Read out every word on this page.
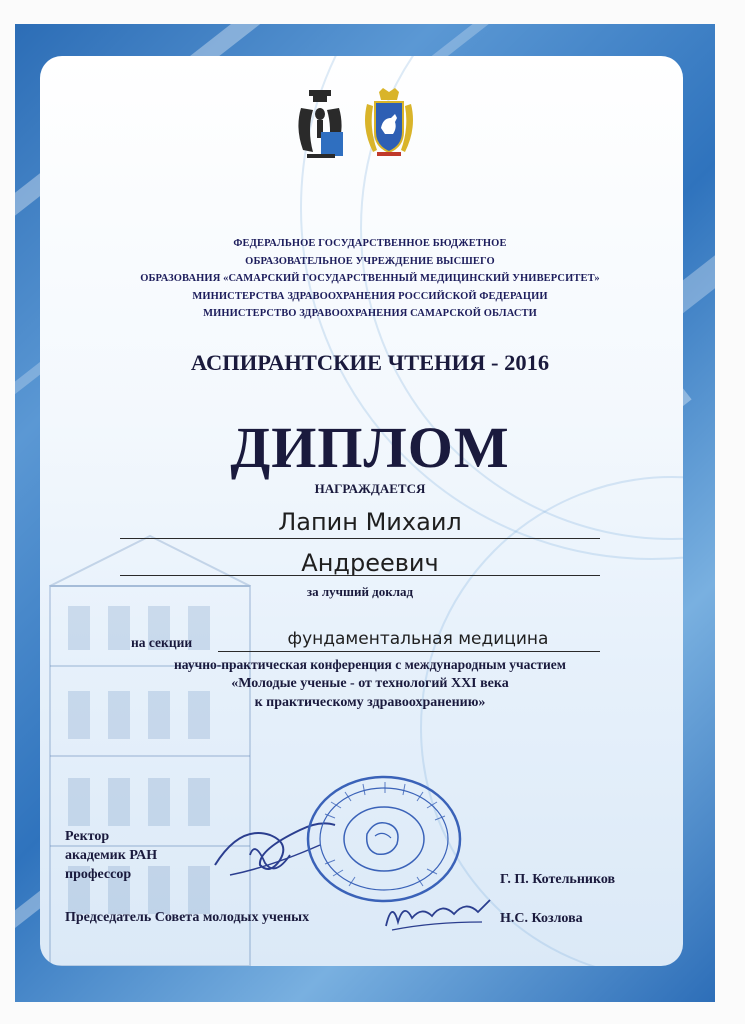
ФЕДЕРАЛЬНОЕ ГОСУДАРСТВЕННОЕ БЮДЖЕТНОЕ
ОБРАЗОВАТЕЛЬНОЕ УЧРЕЖДЕНИЕ ВЫСШЕГО
ОБРАЗОВАНИЯ «САМАРСКИЙ ГОСУДАРСТВЕННЫЙ МЕДИЦИНСКИЙ УНИВЕРСИТЕТ»
МИНИСТЕРСТВА ЗДРАВООХРАНЕНИЯ РОССИЙСКОЙ ФЕДЕРАЦИИ
МИНИСТЕРСТВО ЗДРАВООХРАНЕНИЯ САМАРСКОЙ ОБЛАСТИ
АСПИРАНТСКИЕ ЧТЕНИЯ - 2016
ДИПЛОМ
НАГРАЖДАЕТСЯ
Лапин Михаил
Андреевич
за лучший доклад
на секции	фундаментальная медицина
научно-практическая конференция с международным участием
«Молодые ученые - от технологий XXI века
к практическому здравоохранению»
Ректор
академик РАН
профессор	Г. П. Котельников
Председатель Совета молодых ученых	Н.С. Козлова
